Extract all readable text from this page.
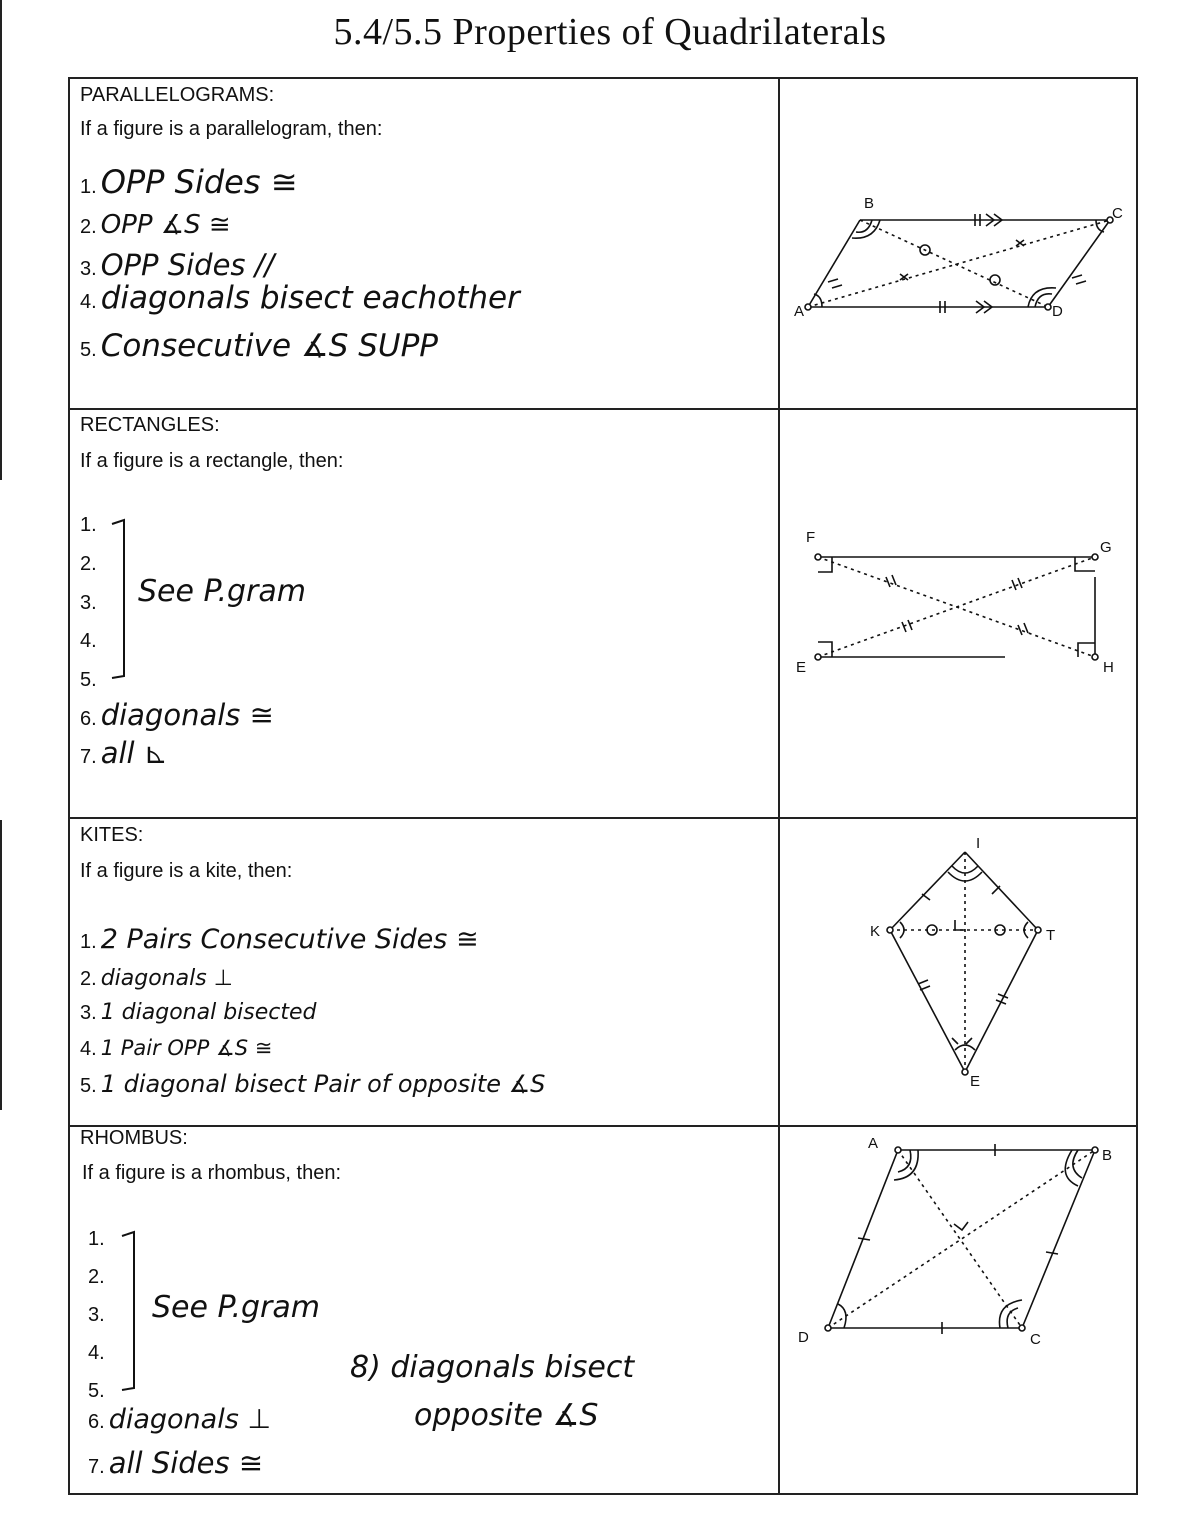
5.4/5.5 Properties of Quadrilaterals
PARALLELOGRAMS:
If a figure is a parallelogram, then:
1. OPP Sides ≅
2. OPP ∡S ≅
3. OPP Sides //
4. diagonals bisect eachother
5. Consecutive ∡S SUPP
A
B
C
D
RECTANGLES:
If a figure is a rectangle, then:
1.
2.
3.
4.
5.
See P.gram
6. diagonals ≅
7. all ⊾
F
G
E	H
KITES:
If a figure is a kite, then:
1. 2 Pairs Consecutive Sides ≅
2. diagonals ⊥
3. 1 diagonal bisected
4. 1 Pair OPP ∡S ≅
5. 1 diagonal bisect Pair of opposite ∡S
I
K	T
E
RHOMBUS:
If a figure is a rhombus, then:
1.
2.
3.
4.
5.
See P.gram
8) diagonals bisect
opposite ∡S
6. diagonals ⊥
7. all Sides ≅
A
B
D	C
